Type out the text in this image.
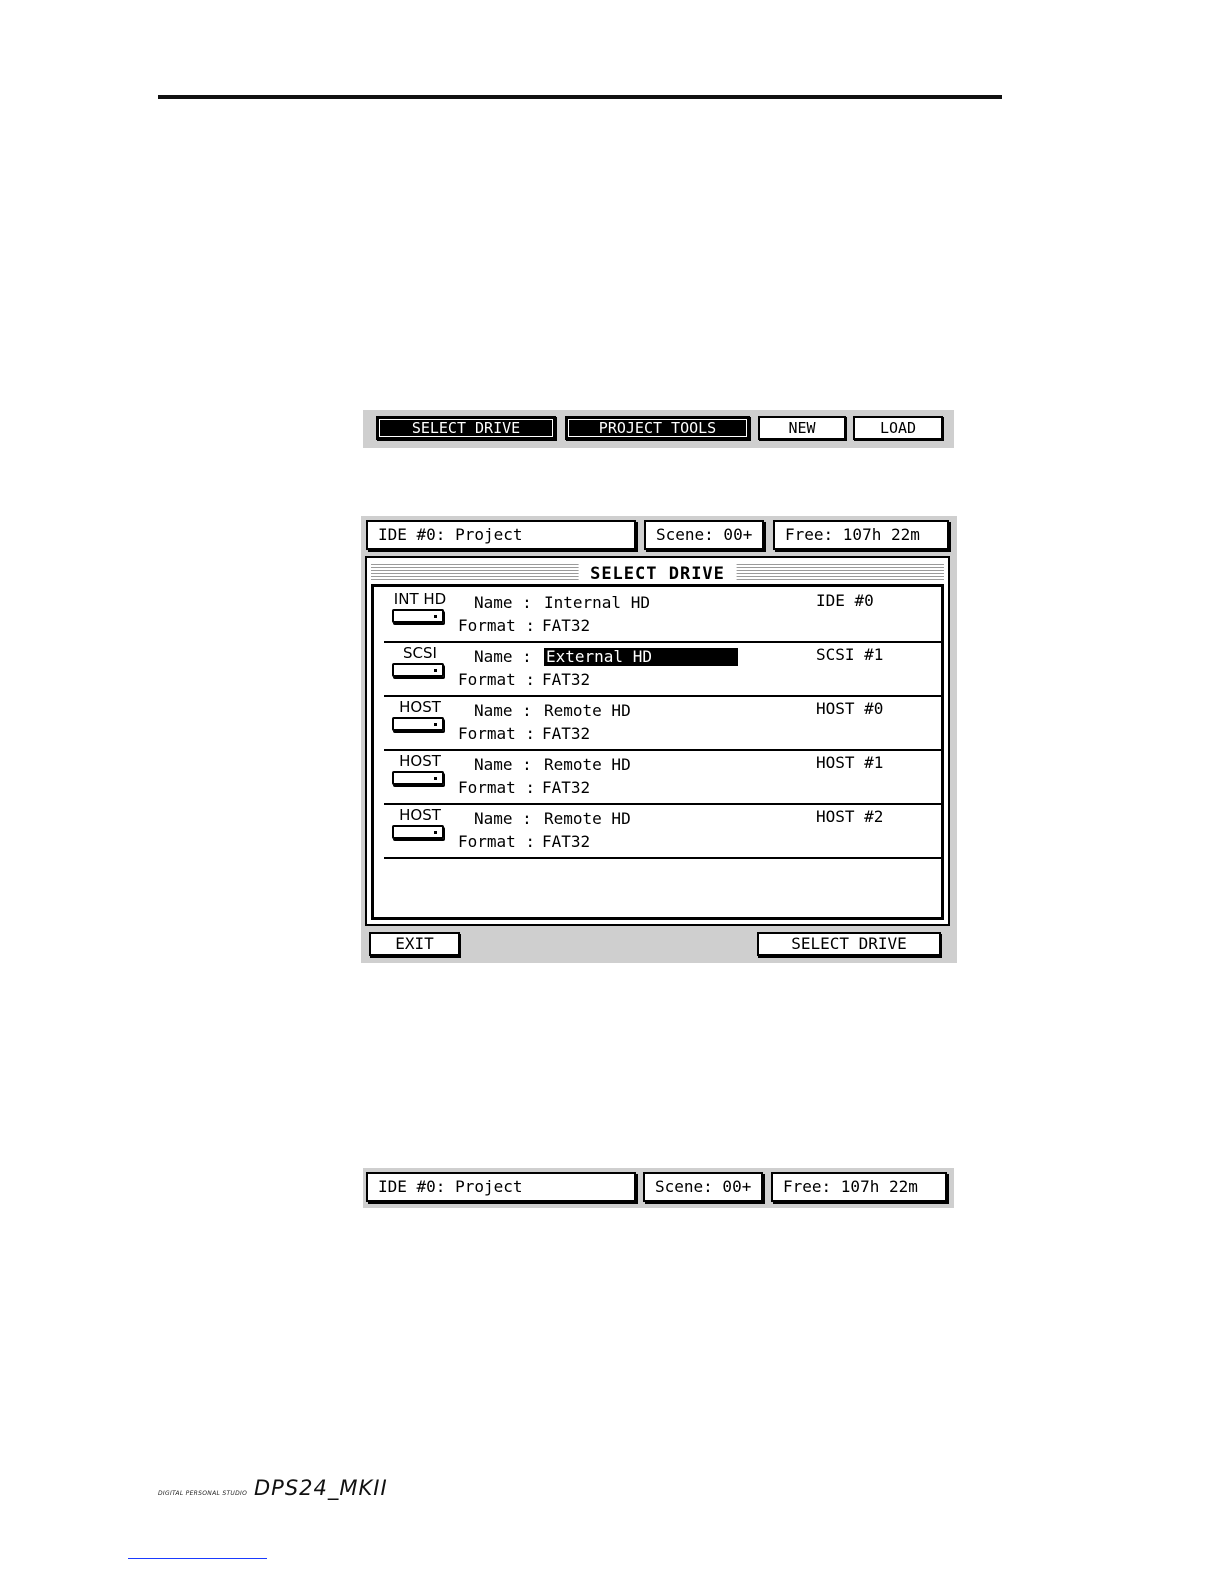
SELECT DRIVE	PROJECT TOOLS	NEW	LOAD
IDE #0: Project	Scene: 00+	Free: 107h 22m
SELECT DRIVE
INT HD Name : Internal HD
Format : FAT32
IDE #0
SCSI	Name : External HD
Format : FAT32
SCSI #1
HOST	Name : Remote HD
Format : FAT32
HOST #0
HOST	Name : Remote HD
Format : FAT32
HOST #1
HOST	Name : Remote HD
Format : FAT32
HOST #2
EXIT	SELECT DRIVE
IDE #0: Project	Scene: 00+	Free: 107h 22m
DIGITAL PERSONAL STUDIO DPS24_MKII
